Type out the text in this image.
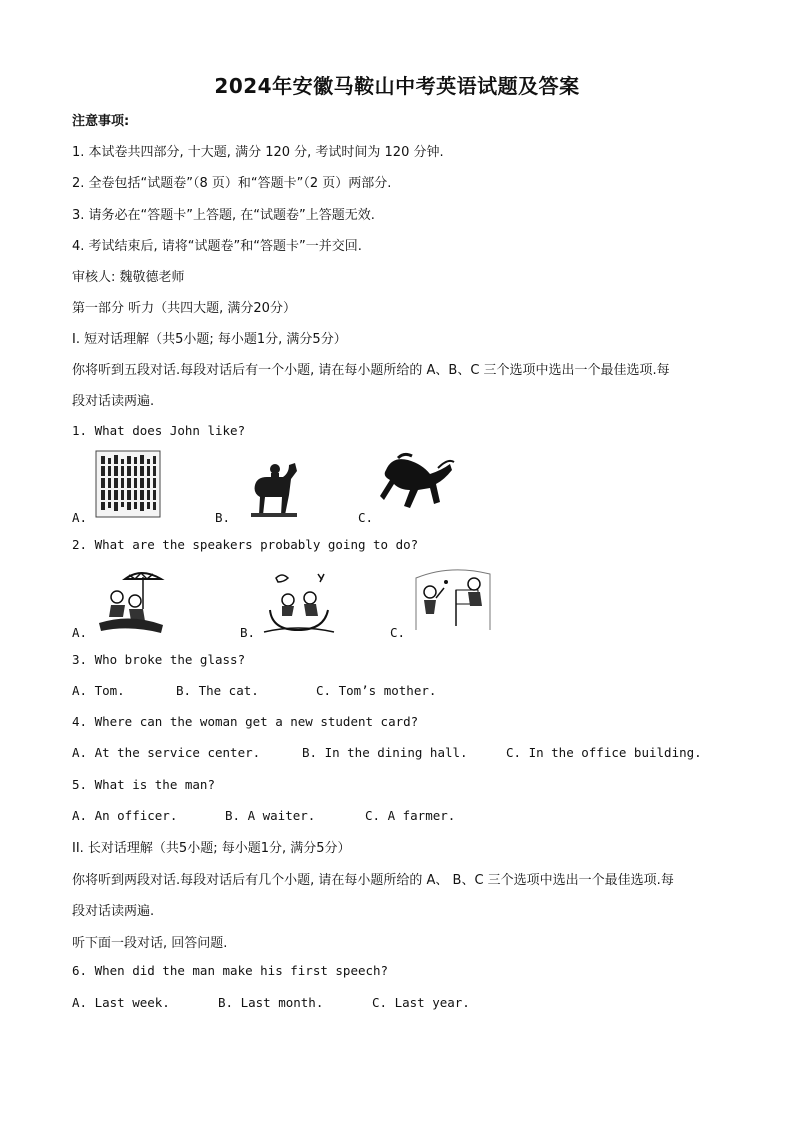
2024年安徽马鞍山中考英语试题及答案
注意事项:
1. 本试卷共四部分, 十大题, 满分 120 分, 考试时间为 120 分钟.
2. 全卷包括“试题卷”（8 页）和“答题卡”（2 页）两部分.
3. 请务必在“答题卡”上答题, 在“试题卷”上答题无效.
4. 考试结束后, 请将“试题卷”和“答题卡”一并交回.
审核人: 魏敬德老师
第一部分 听力（共四大题, 满分20分）
I. 短对话理解（共5小题; 每小题1分, 满分5分）
你将听到五段对话.每段对话后有一个小题, 请在每小题所给的 A、B、C 三个选项中选出一个最佳选项.每
段对话读两遍.
1. What does John like?
A.	B.	C.
2. What are the speakers probably going to do?
A.	B.	C.
3. Who broke the glass?
A. Tom.	B. The cat.	C. Tom’s mother.
4. Where can the woman get a new student card?
A. At the service center.	B. In the dining hall.	C. In the office building.
5. What is the man?
A. An officer.	B. A waiter.	C. A farmer.
II. 长对话理解（共5小题; 每小题1分, 满分5分）
你将听到两段对话.每段对话后有几个小题, 请在每小题所给的 A、 B、C 三个选项中选出一个最佳选项.每
段对话读两遍.
听下面一段对话, 回答问题.
6. When did the man make his first speech?
A. Last week.	B. Last month.	C. Last year.
